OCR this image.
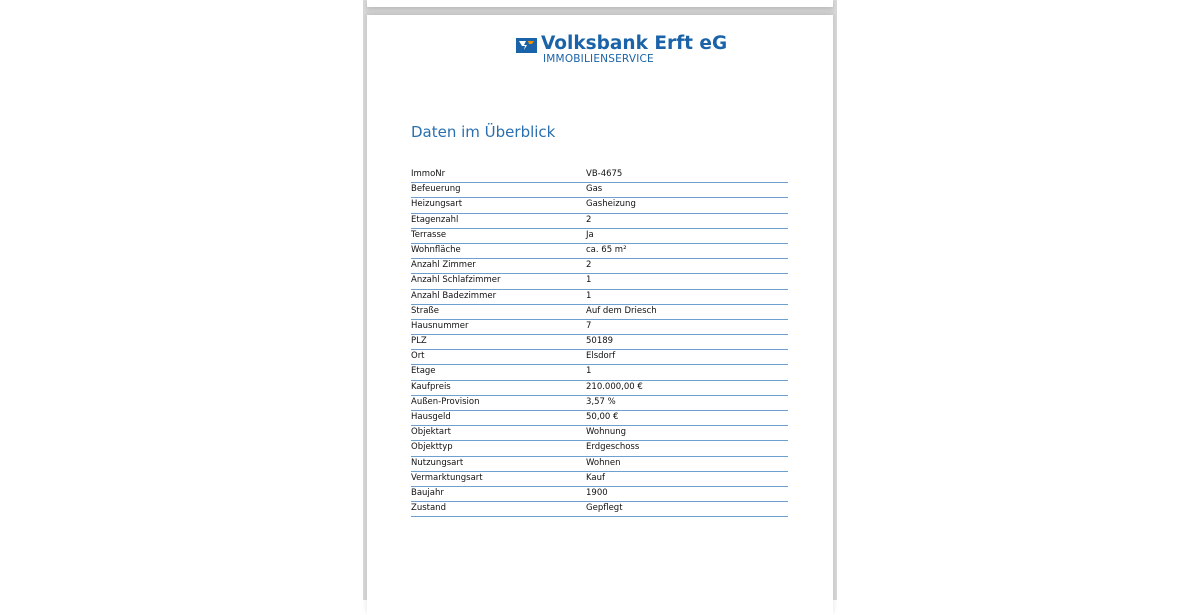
Volksbank Erft eG
IMMOBILIENSERVICE
Daten im Überblick
ImmoNr	VB-4675
Befeuerung	Gas
Heizungsart	Gasheizung
Etagenzahl	2
Terrasse	Ja
Wohnfläche	ca. 65 m²
Anzahl Zimmer	2
Anzahl Schlafzimmer	1
Anzahl Badezimmer	1
Straße	Auf dem Driesch
Hausnummer	7
PLZ	50189
Ort	Elsdorf
Etage	1
Kaufpreis	210.000,00 €
Außen-Provision	3,57 %
Hausgeld	50,00 €
Objektart	Wohnung
Objekttyp	Erdgeschoss
Nutzungsart	Wohnen
Vermarktungsart	Kauf
Baujahr	1900
Zustand	Gepflegt
